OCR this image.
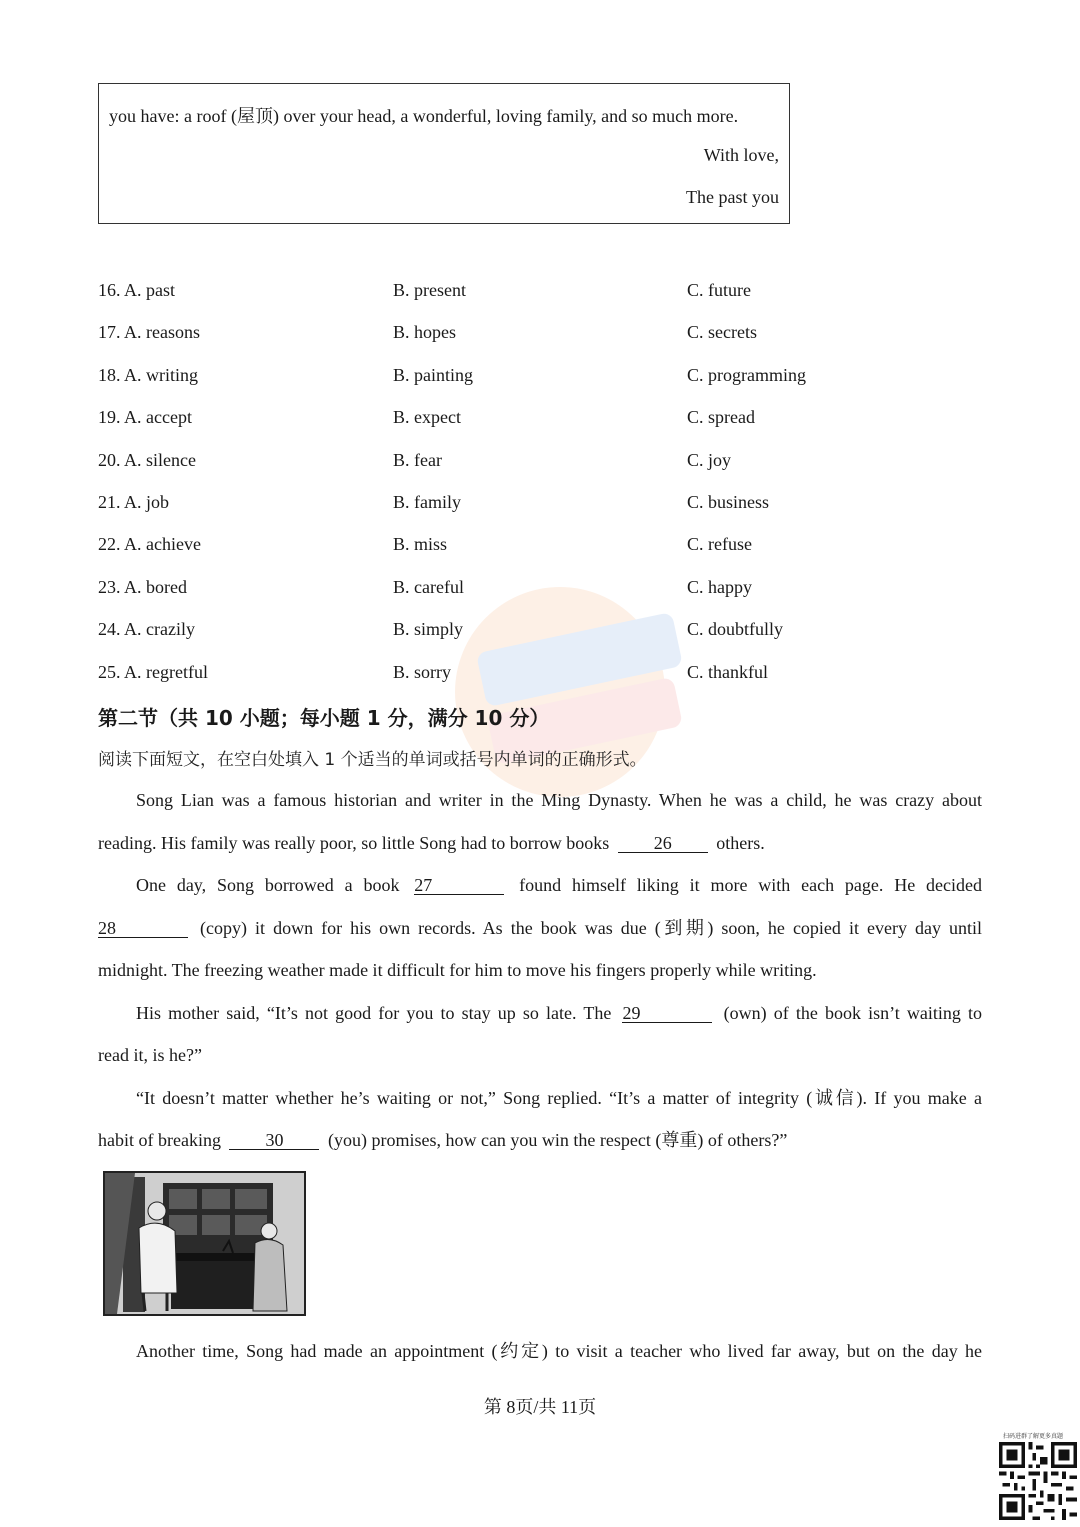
you have: a roof (屋顶) over your head, a wonderful, loving family, and so much more.
With love,
The past you
16. A. past	B. present	C. future
17. A. reasons	B. hopes	C. secrets
18. A. writing	B. painting	C. programming
19. A. accept	B. expect	C. spread
20. A. silence	B. fear	C. joy
21. A. job	B. family	C. business
22. A. achieve	B. miss	C. refuse
23. A. bored	B. careful	C. happy
24. A. crazily	B. simply	C. doubtfully
25. A. regretful	B. sorry	C. thankful
第二节（共 10 小题；每小题 1 分，满分 10 分）
阅读下面短文，在空白处填入 1 个适当的单词或括号内单词的正确形式。
Song Lian was a famous historian and writer in the Ming Dynasty. When he was a child, he was crazy about
reading. His family was really poor, so little Song had to borrow books 26 others.
One day, Song borrowed a book 27	found himself liking it more with each page. He decided
28	(copy) it down for his own records. As the book was due (到期) soon, he copied it every day until
midnight. The freezing weather made it difficult for him to move his fingers properly while writing.
His mother said, “It’s not good for you to stay up so late. The 29	(own) of the book isn’t waiting to
read it, is he?”
“It doesn’t matter whether he’s waiting or not,” Song replied. “It’s a matter of integrity (诚信). If you make a
habit of breaking 30 (you) promises, how can you win the respect (尊重) of others?”
Another time, Song had made an appointment (约定) to visit a teacher who lived far away, but on the day he
第 8页/共 11页
扫码进群了解更多真题
